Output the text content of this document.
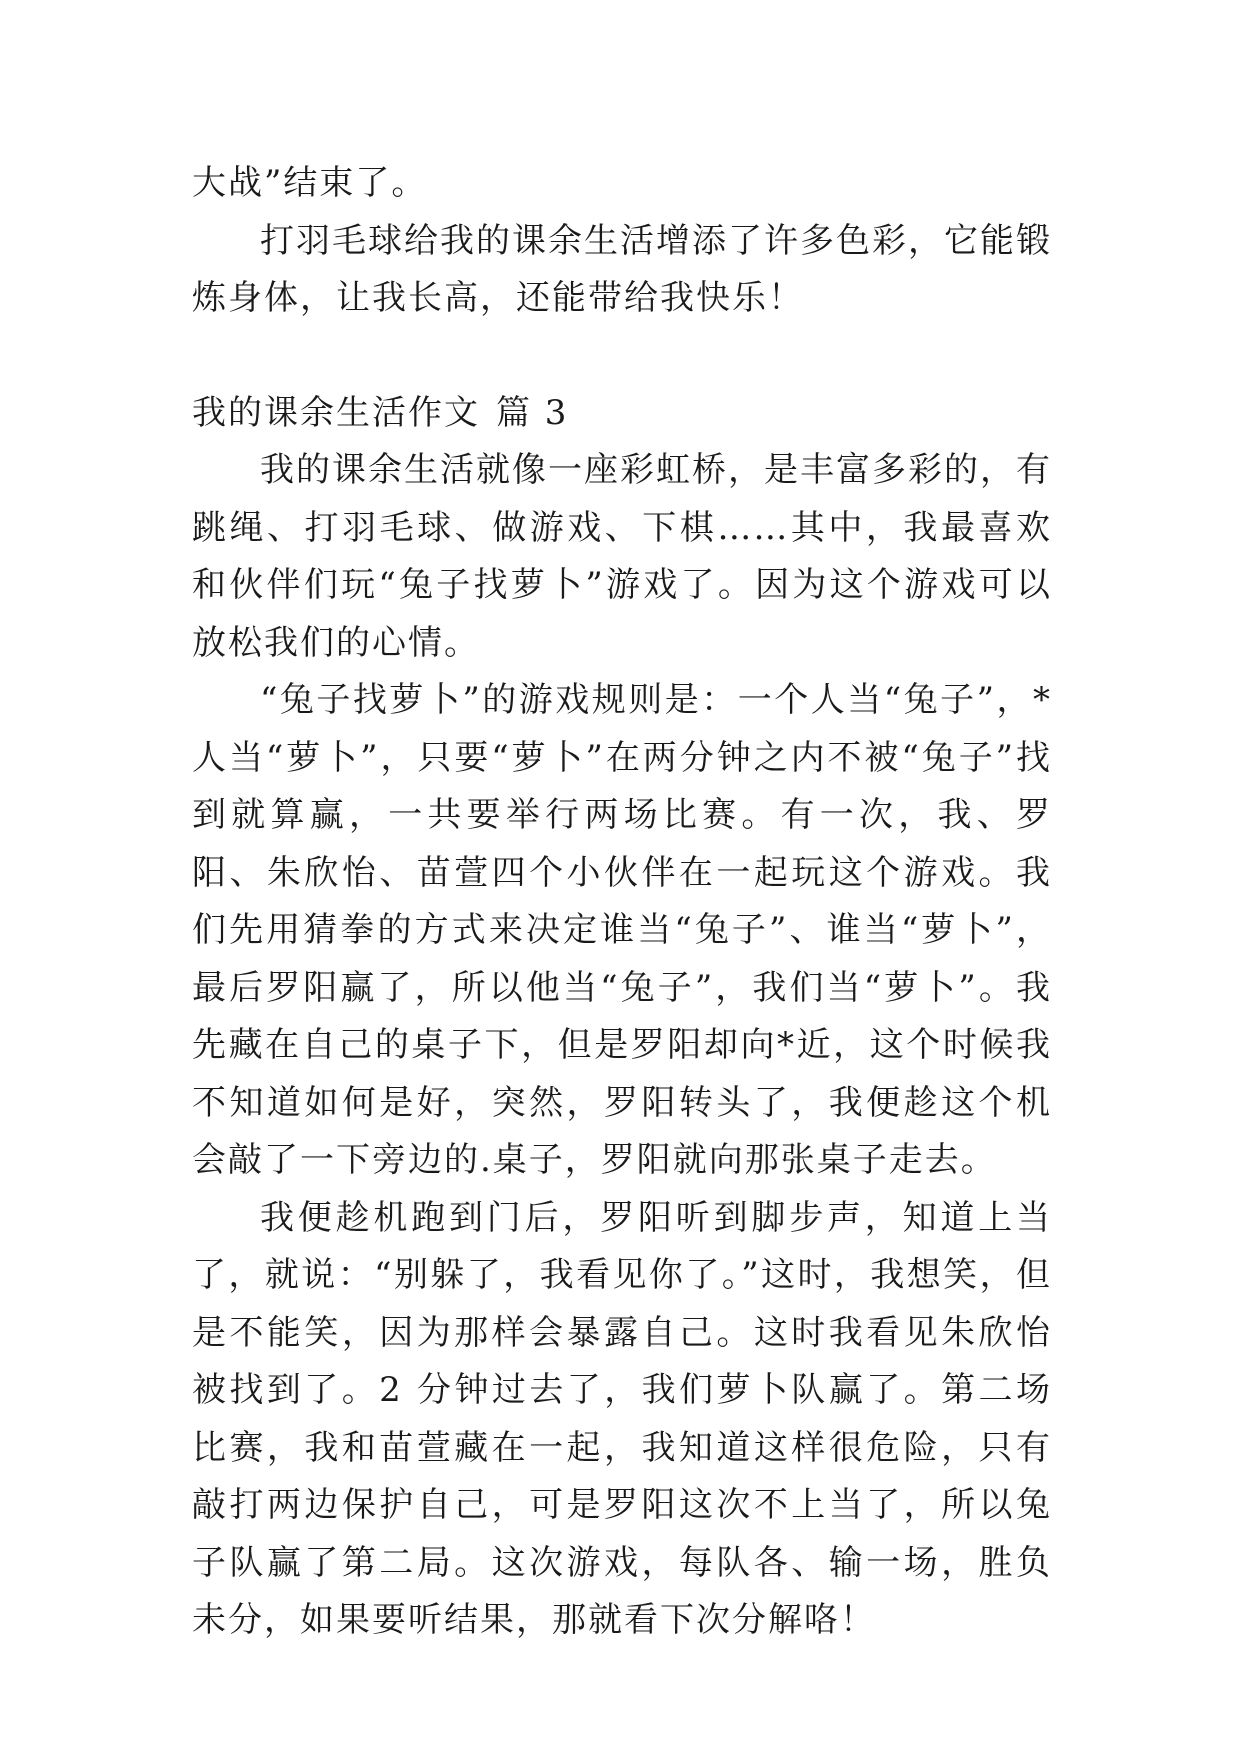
大战”结束了。

打羽毛球给我的课余生活增添了许多色彩，它能锻炼身体，让我长高，还能带给我快乐！

我的课余生活作文 篇 3

我的课余生活就像一座彩虹桥，是丰富多彩的，有跳绳、打羽毛球、做游戏、下棋……其中，我最喜欢和伙伴们玩“兔子找萝卜”游戏了。因为这个游戏可以放松我们的心情。

“兔子找萝卜”的游戏规则是：一个人当“兔子”，*人当“萝卜”，只要“萝卜”在两分钟之内不被“兔子”找到就算赢，一共要举行两场比赛。有一次，我、罗阳、朱欣怡、苗萱四个小伙伴在一起玩这个游戏。我们先用猜拳的方式来决定谁当“兔子”、谁当“萝卜”，最后罗阳赢了，所以他当“兔子”，我们当“萝卜”。我先藏在自己的桌子下，但是罗阳却向*近，这个时候我不知道如何是好，突然，罗阳转头了，我便趁这个机会敲了一下旁边的.桌子，罗阳就向那张桌子走去。

我便趁机跑到门后，罗阳听到脚步声，知道上当了，就说：“别躲了，我看见你了。”这时，我想笑，但是不能笑，因为那样会暴露自己。这时我看见朱欣怡被找到了。2 分钟过去了，我们萝卜队赢了。第二场比赛，我和苗萱藏在一起，我知道这样很危险，只有敲打两边保护自己，可是罗阳这次不上当了，所以兔子队赢了第二局。这次游戏，每队各、输一场，胜负未分，如果要听结果，那就看下次分解咯！
